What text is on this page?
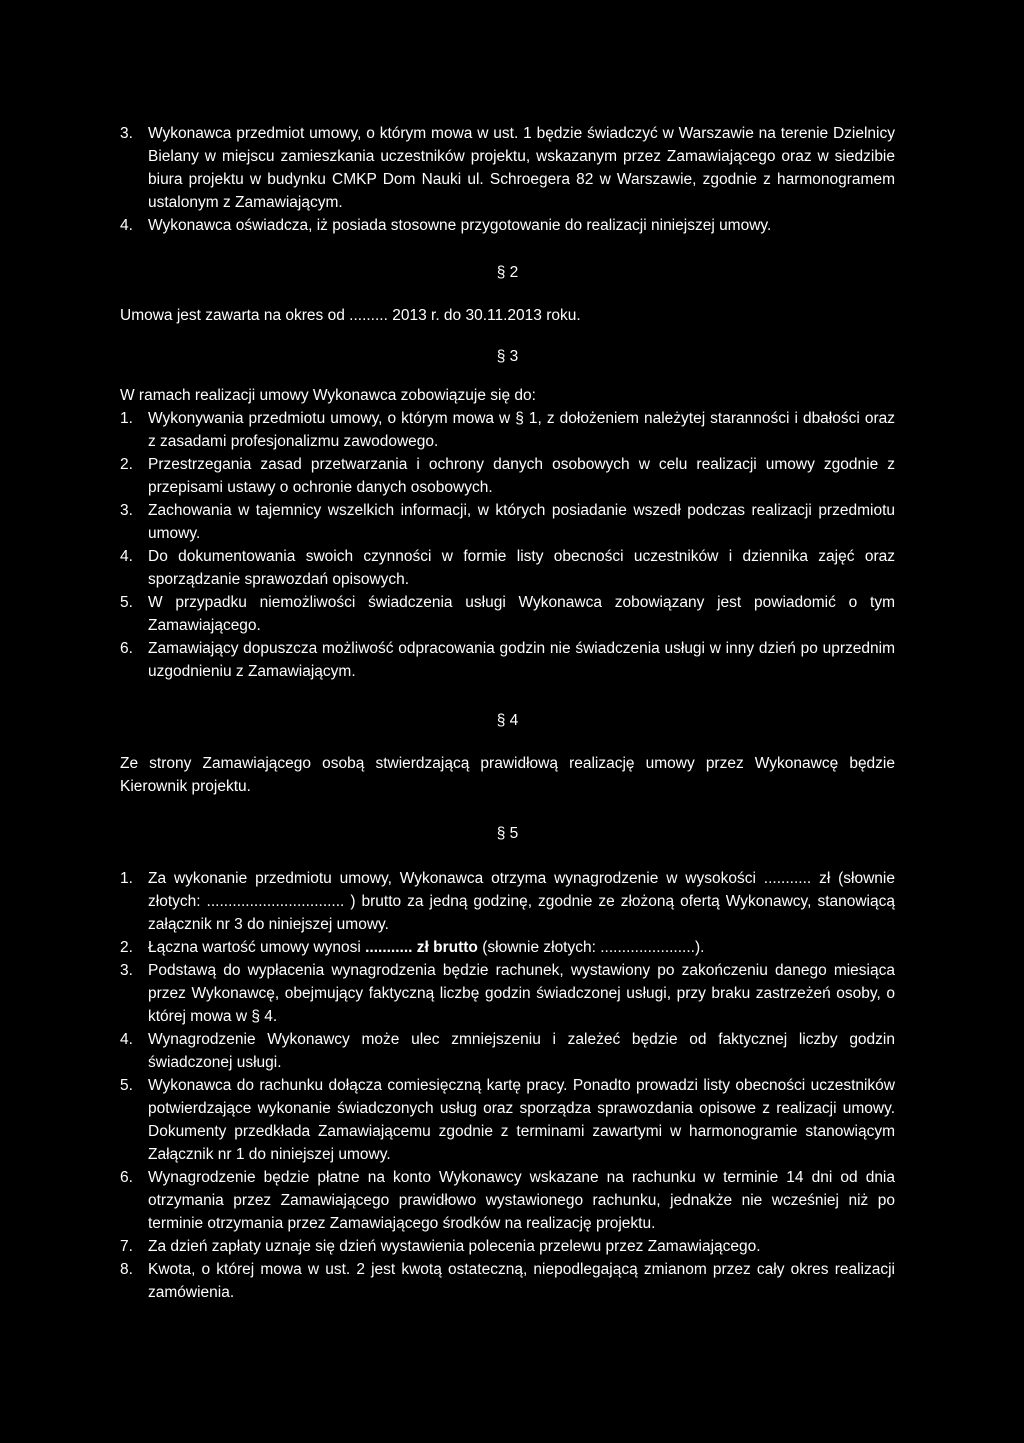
3. Wykonawca przedmiot umowy, o którym mowa w ust. 1 będzie świadczyć w Warszawie na terenie Dzielnicy Bielany w miejscu zamieszkania uczestników projektu, wskazanym przez Zamawiającego oraz w siedzibie biura projektu w budynku CMKP Dom Nauki ul. Schroegera 82 w Warszawie, zgodnie z harmonogramem ustalonym z Zamawiającym.
4. Wykonawca oświadcza, iż posiada stosowne przygotowanie do realizacji niniejszej umowy.

§ 2

Umowa jest zawarta na okres od ......... 2013 r. do 30.11.2013 roku.

§ 3

W ramach realizacji umowy Wykonawca zobowiązuje się do:

1. Wykonywania przedmiotu umowy, o którym mowa w § 1, z dołożeniem należytej staranności i dbałości oraz z zasadami profesjonalizmu zawodowego.
2. Przestrzegania zasad przetwarzania i ochrony danych osobowych w celu realizacji umowy zgodnie z przepisami ustawy o ochronie danych osobowych.
3. Zachowania w tajemnicy wszelkich informacji, w których posiadanie wszedł podczas realizacji przedmiotu umowy.
4. Do dokumentowania swoich czynności w formie listy obecności uczestników i dziennika zajęć oraz sporządzanie sprawozdań opisowych.
5. W przypadku niemożliwości świadczenia usługi Wykonawca zobowiązany jest powiadomić o tym Zamawiającego.
6. Zamawiający dopuszcza możliwość odpracowania godzin nie świadczenia usługi w inny dzień po uprzednim uzgodnieniu z Zamawiającym.

§ 4

Ze strony Zamawiającego osobą stwierdzającą prawidłową realizację umowy przez Wykonawcę będzie Kierownik projektu.

§ 5

1. Za wykonanie przedmiotu umowy, Wykonawca otrzyma wynagrodzenie w wysokości ........... zł (słownie złotych: ................................ ) brutto za jedną godzinę, zgodnie ze złożoną ofertą Wykonawcy, stanowiącą załącznik nr 3 do niniejszej umowy.
2. Łączna wartość umowy wynosi ........... zł brutto (słownie złotych: ......................).
3. Podstawą do wypłacenia wynagrodzenia będzie rachunek, wystawiony po zakończeniu danego miesiąca przez Wykonawcę, obejmujący faktyczną liczbę godzin świadczonej usługi, przy braku zastrzeżeń osoby, o której mowa w § 4.
4. Wynagrodzenie Wykonawcy może ulec zmniejszeniu i zależeć będzie od faktycznej liczby godzin świadczonej usługi.
5. Wykonawca do rachunku dołącza comiesięczną kartę pracy. Ponadto prowadzi listy obecności uczestników potwierdzające wykonanie świadczonych usług oraz sporządza sprawozdania opisowe z realizacji umowy. Dokumenty przedkłada Zamawiającemu zgodnie z terminami zawartymi w harmonogramie stanowiącym Załącznik nr 1 do niniejszej umowy.
6. Wynagrodzenie będzie płatne na konto Wykonawcy wskazane na rachunku w terminie 14 dni od dnia otrzymania przez Zamawiającego prawidłowo wystawionego rachunku, jednakże nie wcześniej niż po terminie otrzymania przez Zamawiającego środków na realizację projektu.
7. Za dzień zapłaty uznaje się dzień wystawienia polecenia przelewu przez Zamawiającego.
8. Kwota, o której mowa w ust. 2 jest kwotą ostateczną, niepodlegającą zmianom przez cały okres realizacji zamówienia.
